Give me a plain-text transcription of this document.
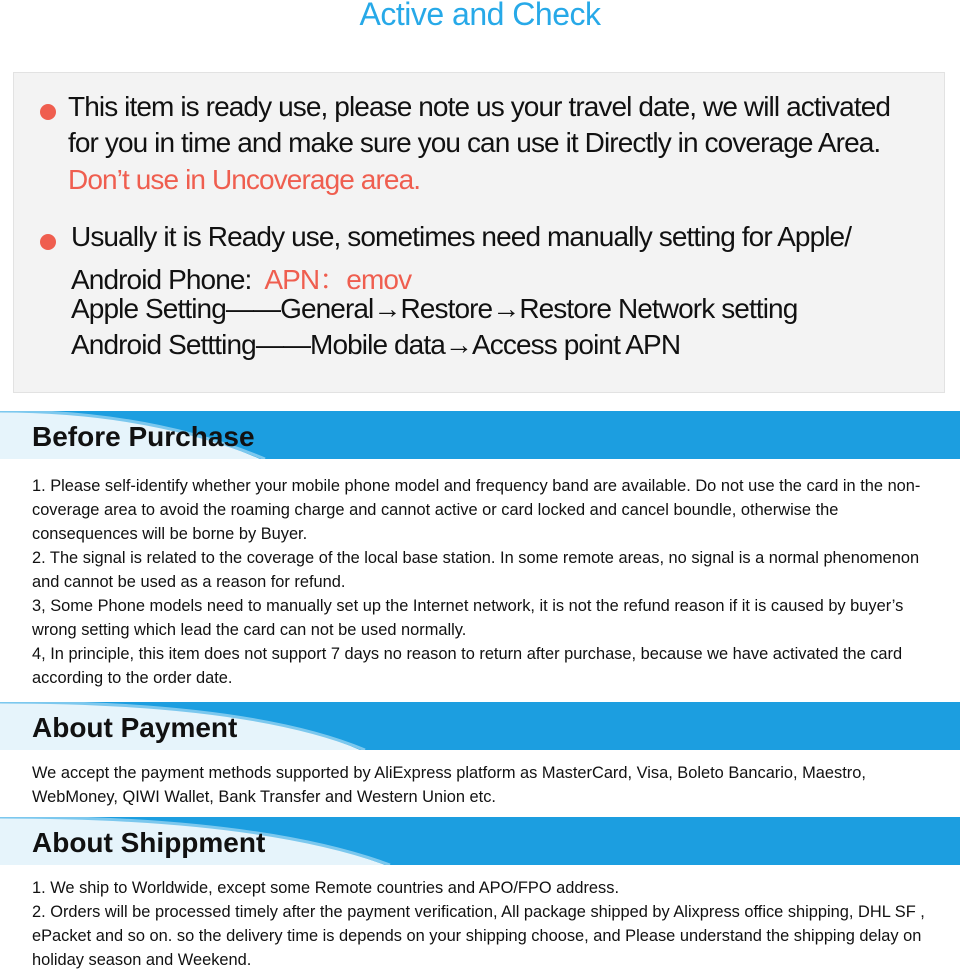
Active and Check
This item is ready use, please note us your travel date, we will activated
for you in time and make sure you can use it Directly in coverage Area.
Don’t use in Uncoverage area.
Usually it is Ready use, sometimes need manually setting for Apple/
Android Phone: APN：emov
Apple Setting——General→Restore→Restore Network setting
Android Settting——Mobile data→Access point APN
Before Purchase

1. Please self-identify whether your mobile phone model and frequency band are available. Do not use the card in the non-coverage area to avoid the roaming charge and cannot active or card locked and cancel boundle, otherwise the consequences will be borne by Buyer.

2. The signal is related to the coverage of the local base station. In some remote areas, no signal is a normal phenomenon and cannot be used as a reason for refund.

3, Some Phone models need to manually set up the Internet network, it is not the refund reason if it is caused by buyer’s wrong setting which lead the card can not be used normally.

4, In principle, this item does not support 7 days no reason to return after purchase, because we have activated the card according to the order date.

About Payment

We accept the payment methods supported by AliExpress platform as MasterCard, Visa, Boleto Bancario, Maestro, WebMoney, QIWI Wallet, Bank Transfer and Western Union etc.

About Shippment

1. We ship to Worldwide, except some Remote countries and APO/FPO address.

2. Orders will be processed timely after the payment verification, All package shipped by Alixpress office shipping, DHL SF , ePacket and so on. so the delivery time is depends on your shipping choose, and Please understand the shipping delay on holiday season and Weekend.
